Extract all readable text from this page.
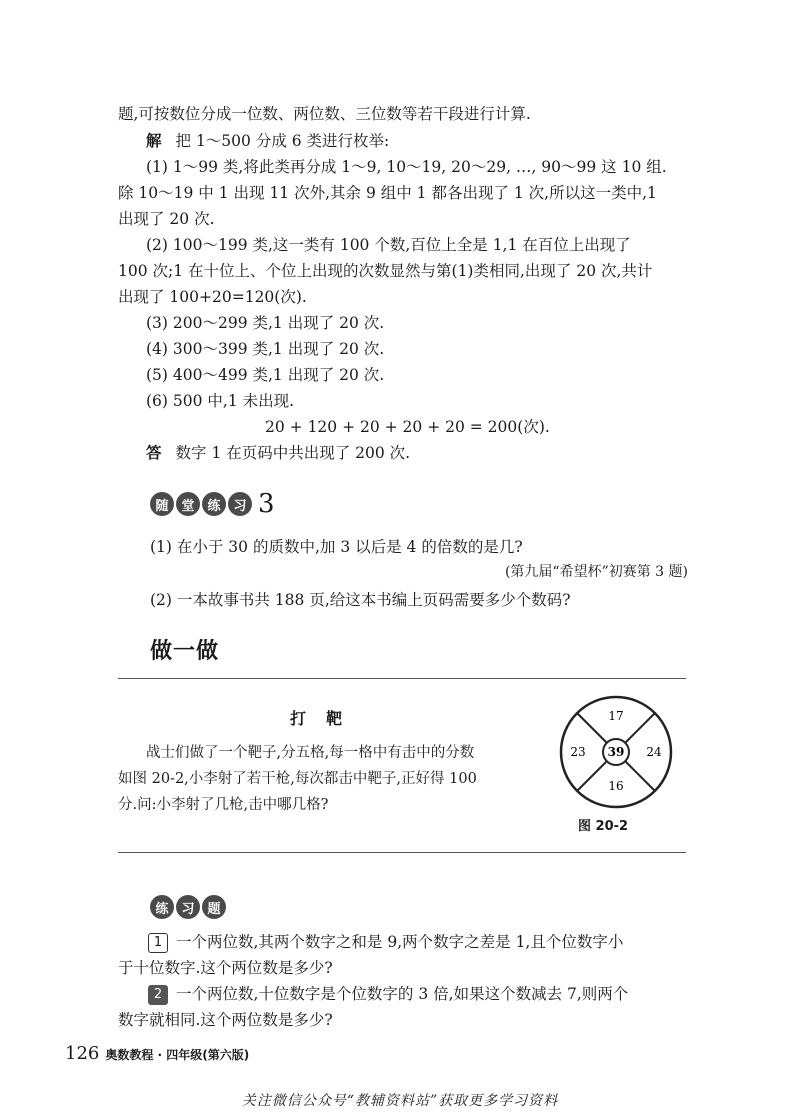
题,可按数位分成一位数、两位数、三位数等若干段进行计算.
解 把 1～500 分成 6 类进行枚举:
(1) 1～99 类,将此类再分成 1～9, 10～19, 20～29, …, 90～99 这 10 组.
除 10～19 中 1 出现 11 次外,其余 9 组中 1 都各出现了 1 次,所以这一类中,1
出现了 20 次.
(2) 100～199 类,这一类有 100 个数,百位上全是 1,1 在百位上出现了
100 次;1 在十位上、个位上出现的次数显然与第(1)类相同,出现了 20 次,共计
出现了 100+20=120(次).
(3) 200～299 类,1 出现了 20 次.
(4) 300～399 类,1 出现了 20 次.
(5) 400～499 类,1 出现了 20 次.
(6) 500 中,1 未出现.
20 + 120 + 20 + 20 + 20 = 200(次).
答 数字 1 在页码中共出现了 200 次.
随 堂 练 习 3
(1) 在小于 30 的质数中,加 3 以后是 4 的倍数的是几?
(第九届“希望杯”初赛第 3 题)
(2) 一本故事书共 188 页,给这本书编上页码需要多少个数码?
做一做
打靶
战士们做了一个靶子,分五格,每一格中有击中的分数
如图 20-2,小李射了若干枪,每次都击中靶子,正好得 100
分.问:小李射了几枪,击中哪几格?
17
23 39 24
16
图 20-2
练 习 题
1 一个两位数,其两个数字之和是 9,两个数字之差是 1,且个位数字小
于十位数字.这个两位数是多少?
2 一个两位数,十位数字是个位数字的 3 倍,如果这个数减去 7,则两个
数字就相同.这个两位数是多少?
126 奥数教程 · 四年级(第六版)
关注微信公众号“教辅资料站”获取更多学习资料
